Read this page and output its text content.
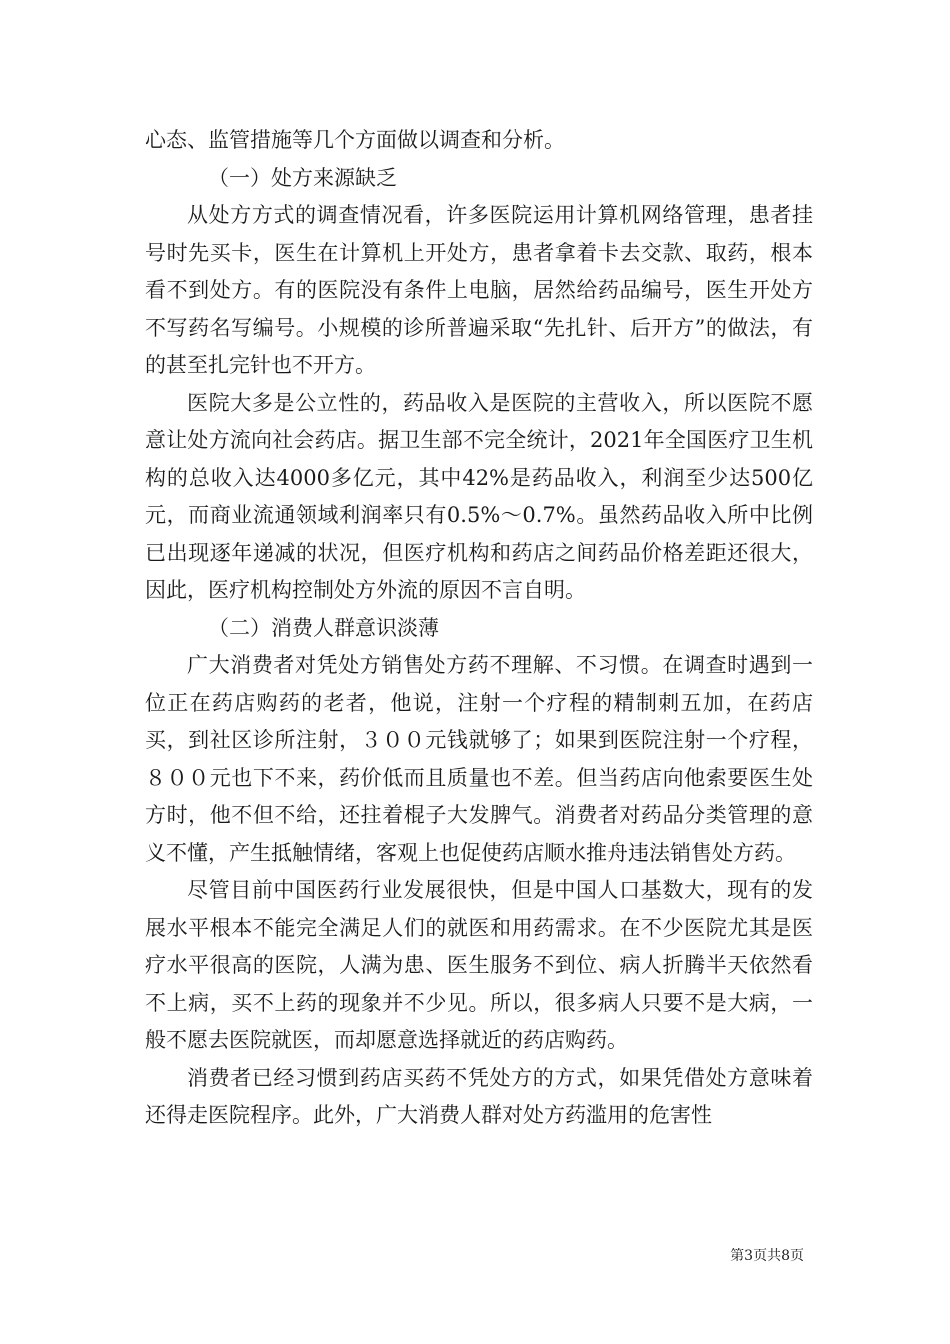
心态、监管措施等几个方面做以调查和分析。

（一）处方来源缺乏

从处方方式的调查情况看，许多医院运用计算机网络管理，患者挂号时先买卡，医生在计算机上开处方，患者拿着卡去交款、取药，根本看不到处方。有的医院没有条件上电脑，居然给药品编号，医生开处方不写药名写编号。小规模的诊所普遍采取“先扎针、后开方”的做法，有的甚至扎完针也不开方。

医院大多是公立性的，药品收入是医院的主营收入，所以医院不愿意让处方流向社会药店。据卫生部不完全统计，2021年全国医疗卫生机构的总收入达4000多亿元，其中42%是药品收入，利润至少达500亿元，而商业流通领域利润率只有0.5%～0.7%。虽然药品收入所中比例已出现逐年递减的状况，但医疗机构和药店之间药品价格差距还很大，因此，医疗机构控制处方外流的原因不言自明。

（二）消费人群意识淡薄

广大消费者对凭处方销售处方药不理解、不习惯。在调查时遇到一位正在药店购药的老者，他说，注射一个疗程的精制刺五加，在药店买，到社区诊所注射，３００元钱就够了；如果到医院注射一个疗程，８００元也下不来，药价低而且质量也不差。但当药店向他索要医生处方时，他不但不给，还拄着棍子大发脾气。消费者对药品分类管理的意义不懂，产生抵触情绪，客观上也促使药店顺水推舟违法销售处方药。

尽管目前中国医药行业发展很快，但是中国人口基数大，现有的发展水平根本不能完全满足人们的就医和用药需求。在不少医院尤其是医疗水平很高的医院，人满为患、医生服务不到位、病人折腾半天依然看不上病，买不上药的现象并不少见。所以，很多病人只要不是大病，一般不愿去医院就医，而却愿意选择就近的药店购药。

消费者已经习惯到药店买药不凭处方的方式，如果凭借处方意味着还得走医院程序。此外，广大消费人群对处方药滥用的危害性

第3页共8页
